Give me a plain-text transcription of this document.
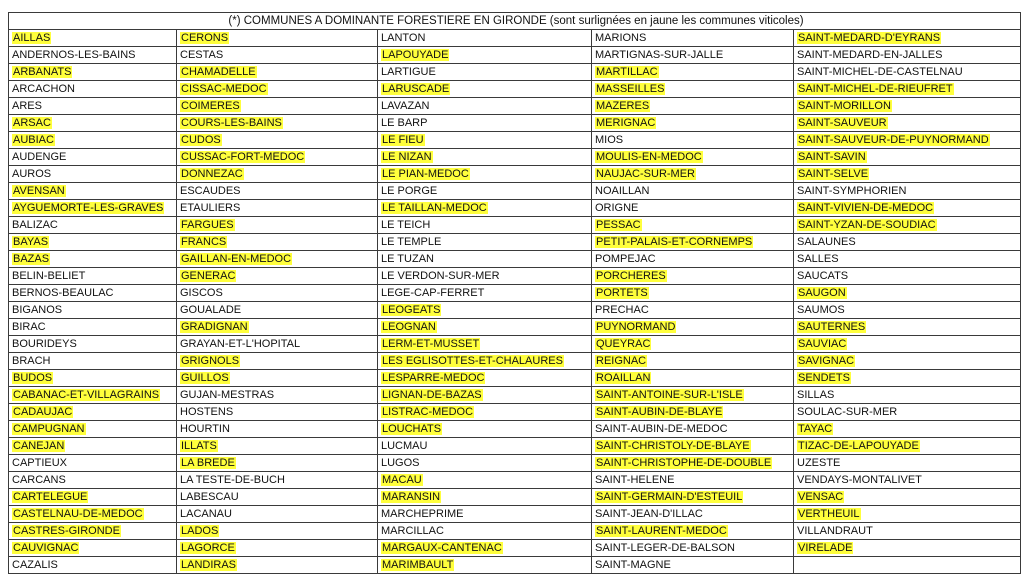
(*) COMMUNES A DOMINANTE FORESTIERE EN GIRONDE (sont surlignées en jaune les communes viticoles)				
AILLAS	CERONS	LANTON	MARIONS	SAINT-MEDARD-D'EYRANS
ANDERNOS-LES-BAINS	CESTAS	LAPOUYADE	MARTIGNAS-SUR-JALLE	SAINT-MEDARD-EN-JALLES
ARBANATS	CHAMADELLE	LARTIGUE	MARTILLAC	SAINT-MICHEL-DE-CASTELNAU
ARCACHON	CISSAC-MEDOC	LARUSCADE	MASSEILLES	SAINT-MICHEL-DE-RIEUFRET
ARES	COIMERES	LAVAZAN	MAZERES	SAINT-MORILLON
ARSAC	COURS-LES-BAINS	LE BARP	MERIGNAC	SAINT-SAUVEUR
AUBIAC	CUDOS	LE FIEU	MIOS	SAINT-SAUVEUR-DE-PUYNORMAND
AUDENGE	CUSSAC-FORT-MEDOC	LE NIZAN	MOULIS-EN-MEDOC	SAINT-SAVIN
AUROS	DONNEZAC	LE PIAN-MEDOC	NAUJAC-SUR-MER	SAINT-SELVE
AVENSAN	ESCAUDES	LE PORGE	NOAILLAN	SAINT-SYMPHORIEN
AYGUEMORTE-LES-GRAVES	ETAULIERS	LE TAILLAN-MEDOC	ORIGNE	SAINT-VIVIEN-DE-MEDOC
BALIZAC	FARGUES	LE TEICH	PESSAC	SAINT-YZAN-DE-SOUDIAC
BAYAS	FRANCS	LE TEMPLE	PETIT-PALAIS-ET-CORNEMPS	SALAUNES
BAZAS	GAILLAN-EN-MEDOC	LE TUZAN	POMPEJAC	SALLES
BELIN-BELIET	GENERAC	LE VERDON-SUR-MER	PORCHERES	SAUCATS
BERNOS-BEAULAC	GISCOS	LEGE-CAP-FERRET	PORTETS	SAUGON
BIGANOS	GOUALADE	LEOGEATS	PRECHAC	SAUMOS
BIRAC	GRADIGNAN	LEOGNAN	PUYNORMAND	SAUTERNES
BOURIDEYS	GRAYAN-ET-L'HOPITAL	LERM-ET-MUSSET	QUEYRAC	SAUVIAC
BRACH	GRIGNOLS	LES EGLISOTTES-ET-CHALAURES	REIGNAC	SAVIGNAC
BUDOS	GUILLOS	LESPARRE-MEDOC	ROAILLAN	SENDETS
CABANAC-ET-VILLAGRAINS	GUJAN-MESTRAS	LIGNAN-DE-BAZAS	SAINT-ANTOINE-SUR-L'ISLE	SILLAS
CADAUJAC	HOSTENS	LISTRAC-MEDOC	SAINT-AUBIN-DE-BLAYE	SOULAC-SUR-MER
CAMPUGNAN	HOURTIN	LOUCHATS	SAINT-AUBIN-DE-MEDOC	TAYAC
CANEJAN	ILLATS	LUCMAU	SAINT-CHRISTOLY-DE-BLAYE	TIZAC-DE-LAPOUYADE
CAPTIEUX	LA BREDE	LUGOS	SAINT-CHRISTOPHE-DE-DOUBLE	UZESTE
CARCANS	LA TESTE-DE-BUCH	MACAU	SAINT-HELENE	VENDAYS-MONTALIVET
CARTELEGUE	LABESCAU	MARANSIN	SAINT-GERMAIN-D'ESTEUIL	VENSAC
CASTELNAU-DE-MEDOC	LACANAU	MARCHEPRIME	SAINT-JEAN-D'ILLAC	VERTHEUIL
CASTRES-GIRONDE	LADOS	MARCILLAC	SAINT-LAURENT-MEDOC	VILLANDRAUT
CAUVIGNAC	LAGORCE	MARGAUX-CANTENAC	SAINT-LEGER-DE-BALSON	VIRELADE
CAZALIS	LANDIRAS	MARIMBAULT	SAINT-MAGNE	
